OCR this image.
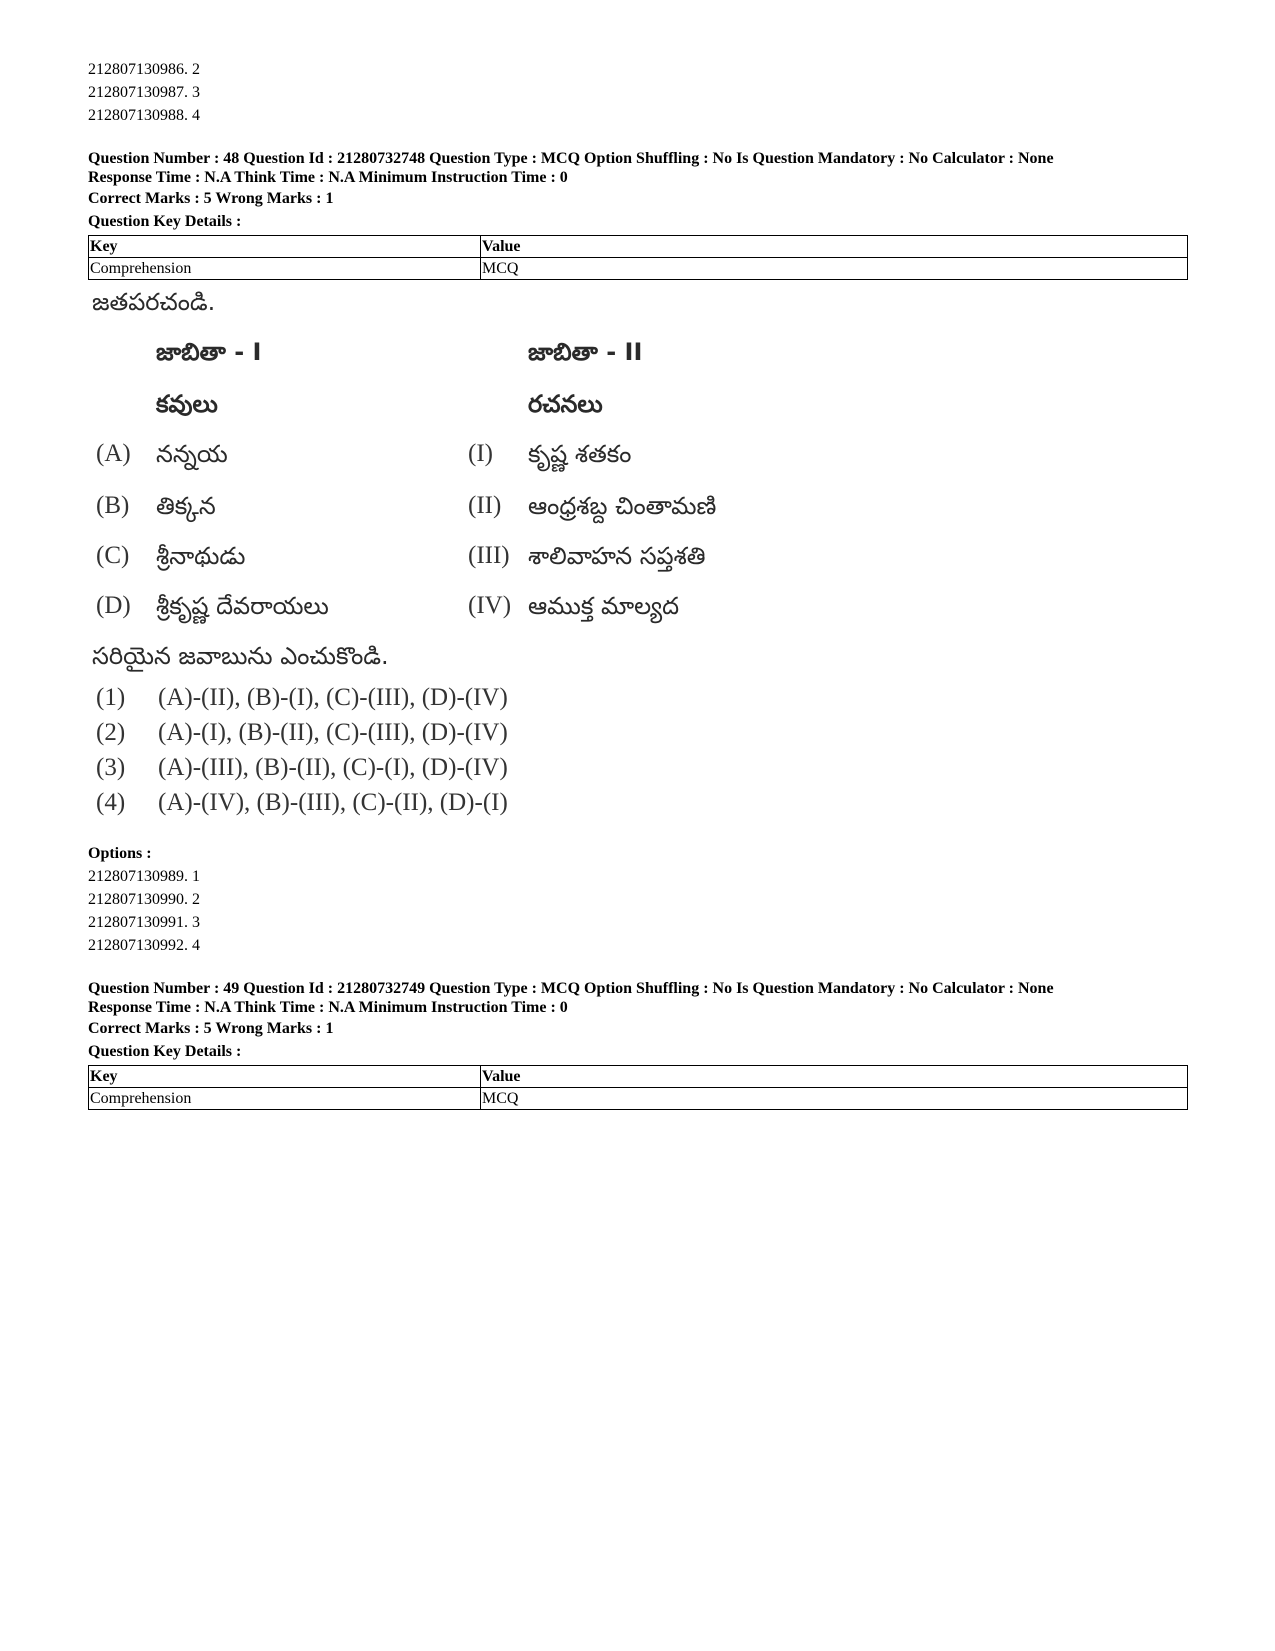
212807130986. 2
212807130987. 3
212807130988. 4
Question Number : 48 Question Id : 21280732748 Question Type : MCQ Option Shuffling : No Is Question Mandatory : No Calculator : None
Response Time : N.A Think Time : N.A Minimum Instruction Time : 0
Correct Marks : 5 Wrong Marks : 1
Question Key Details :
Key	Value
Comprehension	MCQ
జతపరచండి.
జాబితా - I	జాబితా - II
కవులు	రచనలు
(A) నన్నయ	(I) కృష్ణ శతకం
(B) తిక్కన	(II) ఆంధ్రశబ్ద చింతామణి
(C) శ్రీనాథుడు	(III) శాలివాహన సప్తశతి
(D) శ్రీకృష్ణ దేవరాయలు	(IV) ఆముక్త మాల్యద
సరియైన జవాబును ఎంచుకొండి.
(1) (A)-(II), (B)-(I), (C)-(III), (D)-(IV)
(2) (A)-(I), (B)-(II), (C)-(III), (D)-(IV)
(3) (A)-(III), (B)-(II), (C)-(I), (D)-(IV)
(4) (A)-(IV), (B)-(III), (C)-(II), (D)-(I)
Options :
212807130989. 1
212807130990. 2
212807130991. 3
212807130992. 4
Question Number : 49 Question Id : 21280732749 Question Type : MCQ Option Shuffling : No Is Question Mandatory : No Calculator : None
Response Time : N.A Think Time : N.A Minimum Instruction Time : 0
Correct Marks : 5 Wrong Marks : 1
Question Key Details :
Key	Value
Comprehension	MCQ
